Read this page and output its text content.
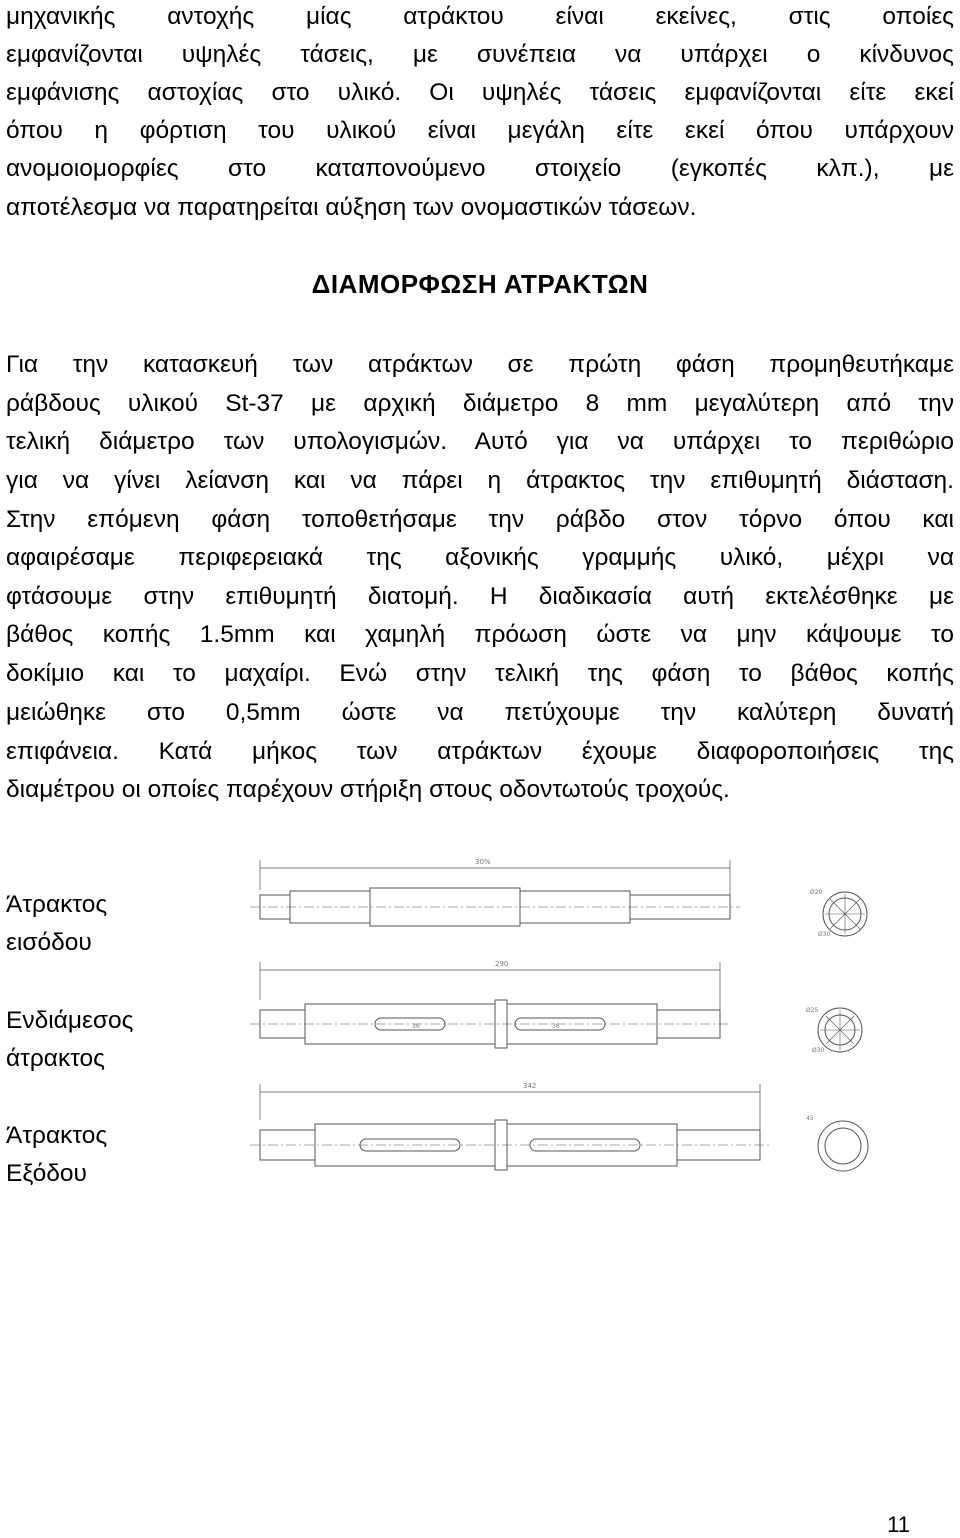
μηχανικής αντοχής μίας ατράκτου είναι εκείνες, στις οποίες
εμφανίζονται υψηλές τάσεις, με συνέπεια να υπάρχει ο κίνδυνος
εμφάνισης αστοχίας στο υλικό. Οι υψηλές τάσεις εμφανίζονται είτε εκεί
όπου η φόρτιση του υλικού είναι μεγάλη είτε εκεί όπου υπάρχουν
ανομοιομορφίες στο καταπονούμενο στοιχείο (εγκοπές κλπ.), με
αποτέλεσμα να παρατηρείται αύξηση των ονομαστικών τάσεων.
ΔΙΑΜΟΡΦΩΣΗ ΑΤΡΑΚΤΩΝ
Για την κατασκευή των ατράκτων σε πρώτη φάση προμηθευτήκαμε
ράβδους υλικού St-37 με αρχική διάμετρο 8 mm μεγαλύτερη από την
τελική διάμετρο των υπολογισμών. Αυτό για να υπάρχει το περιθώριο
για να γίνει λείανση και να πάρει η άτρακτος την επιθυμητή διάσταση.
Στην επόμενη φάση τοποθετήσαμε την ράβδο στον τόρνο όπου και
αφαιρέσαμε περιφερειακά της αξονικής γραμμής υλικό, μέχρι να
φτάσουμε στην επιθυμητή διατομή. Η διαδικασία αυτή εκτελέσθηκε με
βάθος κοπής 1.5mm και χαμηλή πρόωση ώστε να μην κάψουμε το
δοκίμιο και το μαχαίρι. Ενώ στην τελική της φάση το βάθος κοπής
μειώθηκε στο 0,5mm ώστε να πετύχουμε την καλύτερη δυνατή
επιφάνεια. Κατά μήκος των ατράκτων έχουμε διαφοροποιήσεις της
διαμέτρου οι οποίες παρέχουν στήριξη στους οδοντωτούς τροχούς.
Άτρακτος
εισόδου
Ενδιάμεσος
άτρακτος
Άτρακτος
Εξόδου
30%
Ø20
Ø30
290
36	36
Ø25
Ø30
342
45
11
